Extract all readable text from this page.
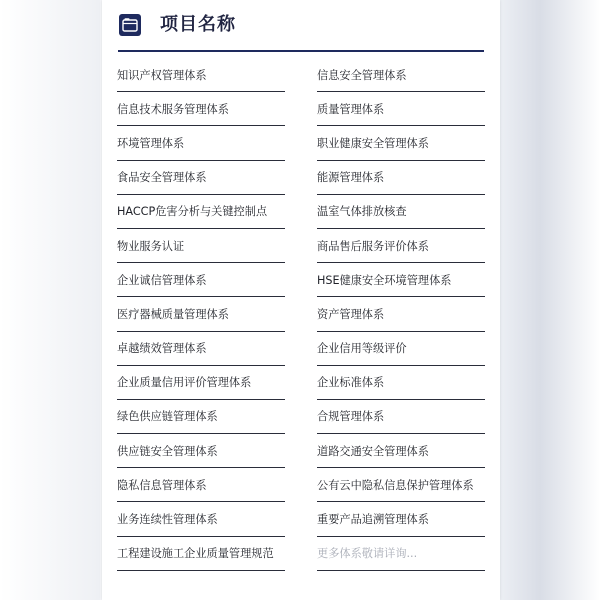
项目名称
知识产权管理体系	信息安全管理体系
信息技术服务管理体系	质量管理体系
环境管理体系	职业健康安全管理体系
食品安全管理体系	能源管理体系
HACCP危害分析与关键控制点	温室气体排放核查
物业服务认证	商品售后服务评价体系
企业诚信管理体系	HSE健康安全环境管理体系
医疗器械质量管理体系	资产管理体系
卓越绩效管理体系	企业信用等级评价
企业质量信用评价管理体系	企业标准体系
绿色供应链管理体系	合规管理体系
供应链安全管理体系	道路交通安全管理体系
隐私信息管理体系	公有云中隐私信息保护管理体系
业务连续性管理体系	重要产品追溯管理体系
工程建设施工企业质量管理规范	更多体系敬请详询...
